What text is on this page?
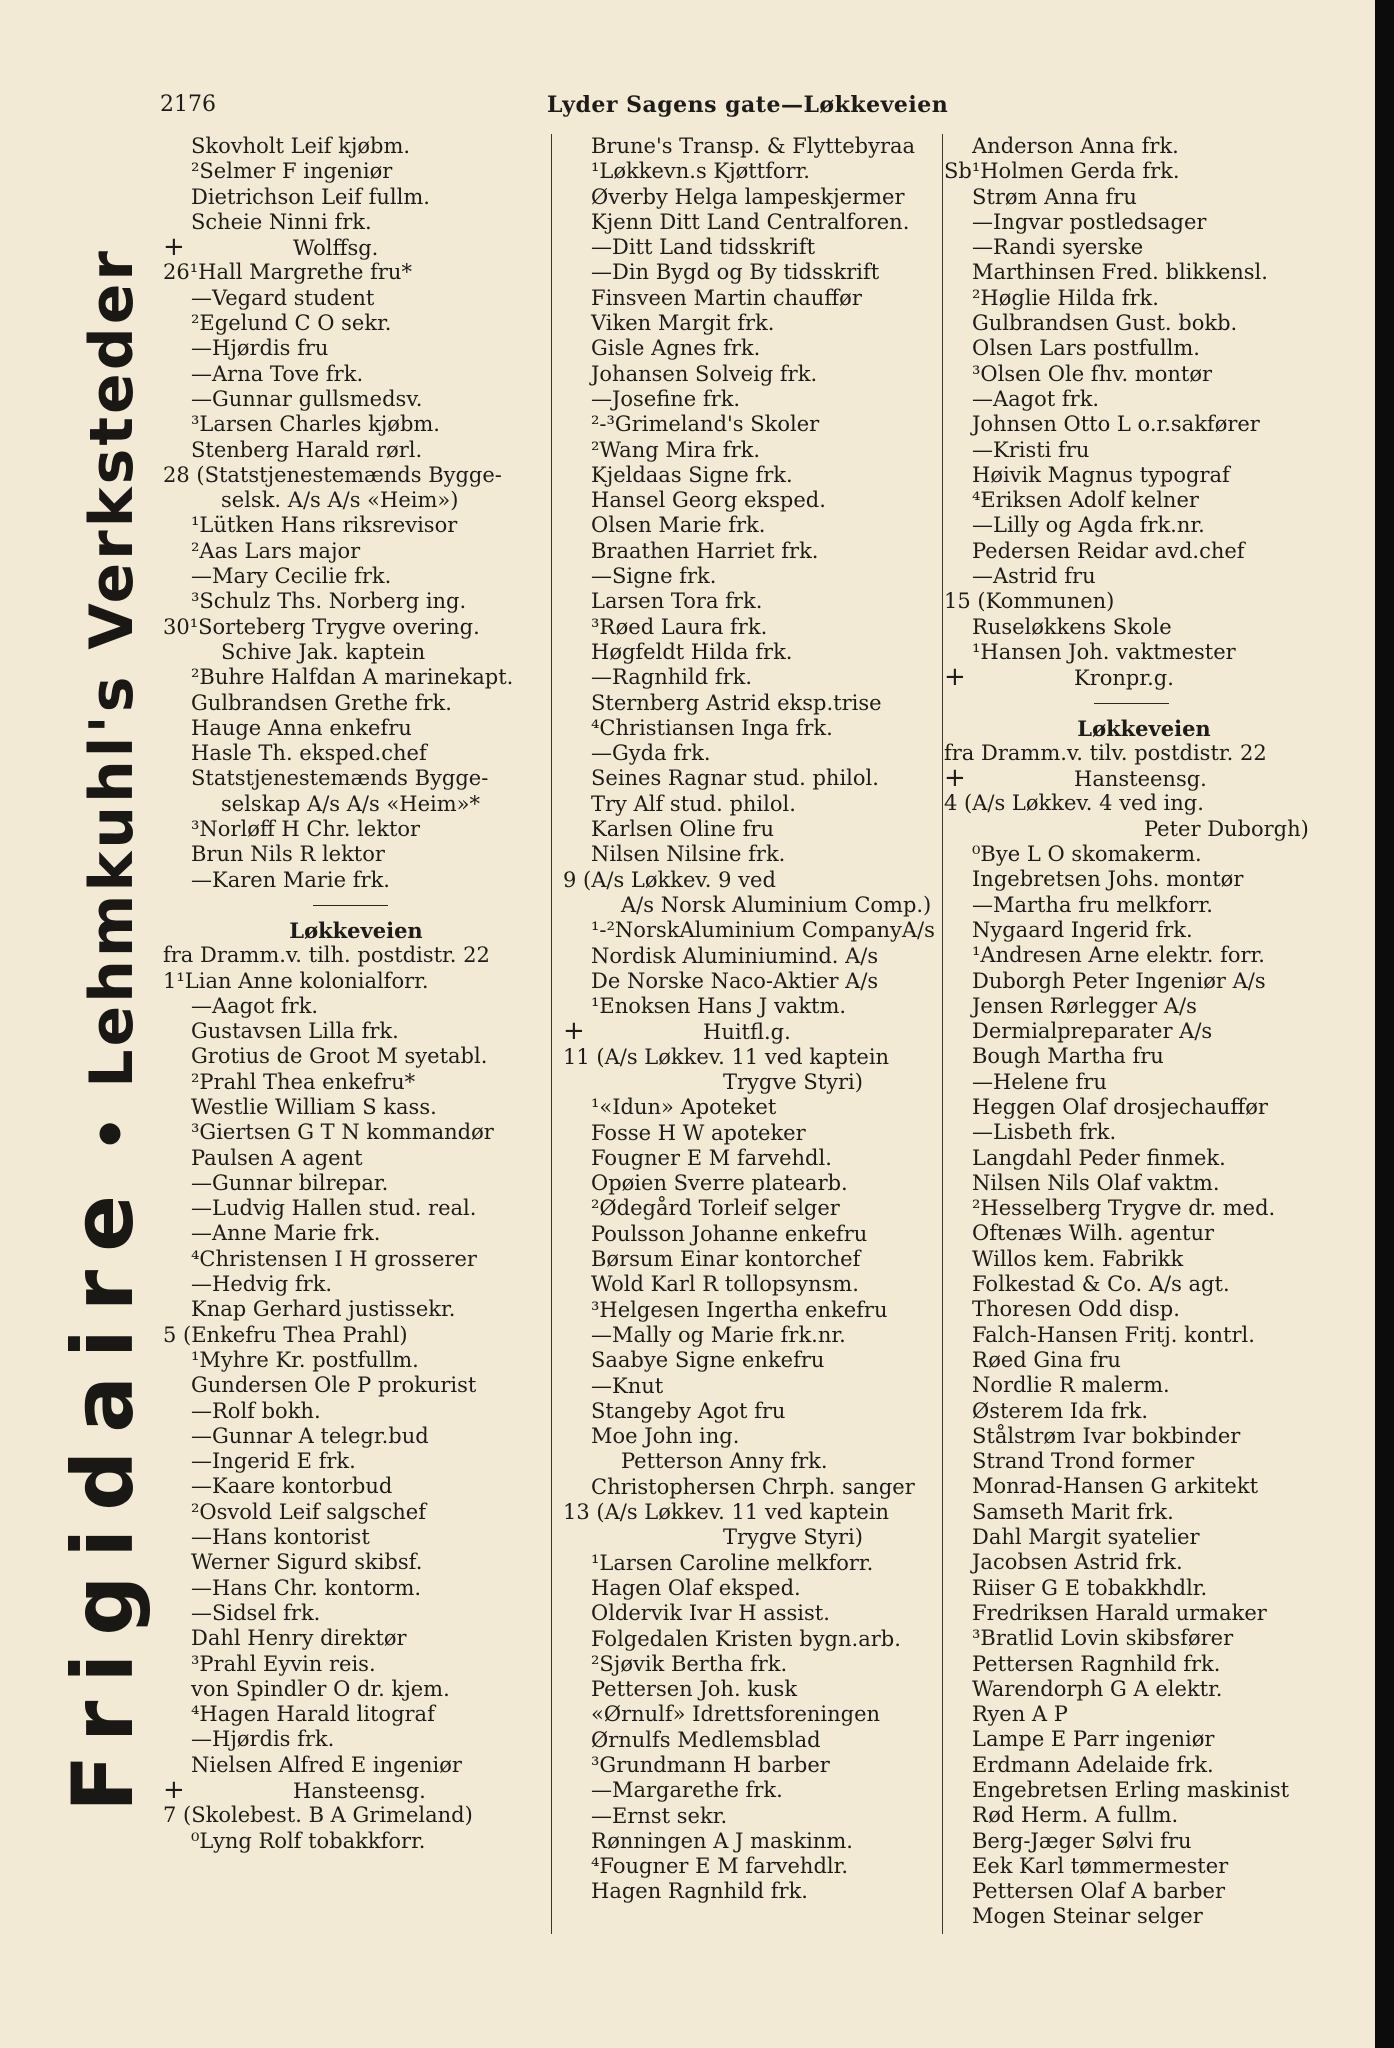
2176	Lyder Sagens gate—Løkkeveien
Frigidaire • Lehmkuhl's Verksteder
Skovholt Leif kjøbm.
²Selmer F ingeniør
Dietrichson Leif fullm.
Scheie Ninni frk.
+	Wolffsg.
26¹Hall Margrethe fru*
—Vegard student
²Egelund C O sekr.
—Hjørdis fru
—Arna Tove frk.
—Gunnar gullsmedsv.
³Larsen Charles kjøbm.
Stenberg Harald rørl.
28 (Statstjenestemænds Bygge-
selsk. A/s A/s «Heim»)
¹Lütken Hans riksrevisor
²Aas Lars major
—Mary Cecilie frk.
³Schulz Ths. Norberg ing.
30¹Sorteberg Trygve overing.
Schive Jak. kaptein
²Buhre Halfdan A marinekapt.
Gulbrandsen Grethe frk.
Hauge Anna enkefru
Hasle Th. eksped.chef
Statstjenestemænds Bygge-
selskap A/s A/s «Heim»*
³Norløff H Chr. lektor
Brun Nils R lektor
—Karen Marie frk.
Løkkeveien
fra Dramm.v. tilh. postdistr. 22
1¹Lian Anne kolonialforr.
—Aagot frk.
Gustavsen Lilla frk.
Grotius de Groot M syetabl.
²Prahl Thea enkefru*
Westlie William S kass.
³Giertsen G T N kommandør
Paulsen A agent
—Gunnar bilrepar.
—Ludvig Hallen stud. real.
—Anne Marie frk.
⁴Christensen I H grosserer
—Hedvig frk.
Knap Gerhard justissekr.
5 (Enkefru Thea Prahl)
¹Myhre Kr. postfullm.
Gundersen Ole P prokurist
—Rolf bokh.
—Gunnar A telegr.bud
—Ingerid E frk.
—Kaare kontorbud
²Osvold Leif salgschef
—Hans kontorist
Werner Sigurd skibsf.
—Hans Chr. kontorm.
—Sidsel frk.
Dahl Henry direktør
³Prahl Eyvin reis.
von Spindler O dr. kjem.
⁴Hagen Harald litograf
—Hjørdis frk.
Nielsen Alfred E ingeniør
+	Hansteensg.
7 (Skolebest. B A Grimeland)
⁰Lyng Rolf tobakkforr.
Brune's Transp. & Flyttebyraa
¹Løkkevn.s Kjøttforr.
Øverby Helga lampeskjermer
Kjenn Ditt Land Centralforen.
—Ditt Land tidsskrift
—Din Bygd og By tidsskrift
Finsveen Martin chauffør
Viken Margit frk.
Gisle Agnes frk.
Johansen Solveig frk.
—Josefine frk.
²-³Grimeland's Skoler
²Wang Mira frk.
Kjeldaas Signe frk.
Hansel Georg eksped.
Olsen Marie frk.
Braathen Harriet frk.
—Signe frk.
Larsen Tora frk.
³Røed Laura frk.
Høgfeldt Hilda frk.
—Ragnhild frk.
Sternberg Astrid eksp.trise
⁴Christiansen Inga frk.
—Gyda frk.
Seines Ragnar stud. philol.
Try Alf stud. philol.
Karlsen Oline fru
Nilsen Nilsine frk.
9 (A/s Løkkev. 9 ved
A/s Norsk Aluminium Comp.)
¹-²NorskAluminium CompanyA/s
Nordisk Aluminiumind. A/s
De Norske Naco-Aktier A/s
¹Enoksen Hans J vaktm.
+	Huitfl.g.
11 (A/s Løkkev. 11 ved kaptein
Trygve Styri)
¹«Idun» Apoteket
Fosse H W apoteker
Fougner E M farvehdl.
Opøien Sverre platearb.
²Ødegård Torleif selger
Poulsson Johanne enkefru
Børsum Einar kontorchef
Wold Karl R tollopsynsm.
³Helgesen Ingertha enkefru
—Mally og Marie frk.nr.
Saabye Signe enkefru
—Knut
Stangeby Agot fru
Moe John ing.
Petterson Anny frk.
Christophersen Chrph. sanger
13 (A/s Løkkev. 11 ved kaptein
Trygve Styri)
¹Larsen Caroline melkforr.
Hagen Olaf eksped.
Oldervik Ivar H assist.
Folgedalen Kristen bygn.arb.
²Sjøvik Bertha frk.
Pettersen Joh. kusk
«Ørnulf» Idrettsforeningen
Ørnulfs Medlemsblad
³Grundmann H barber
—Margarethe frk.
—Ernst sekr.
Rønningen A J maskinm.
⁴Fougner E M farvehdlr.
Hagen Ragnhild frk.
Anderson Anna frk.
Sb¹Holmen Gerda frk.
Strøm Anna fru
—Ingvar postledsager
—Randi syerske
Marthinsen Fred. blikkensl.
²Høglie Hilda frk.
Gulbrandsen Gust. bokb.
Olsen Lars postfullm.
³Olsen Ole fhv. montør
—Aagot frk.
Johnsen Otto L o.r.sakfører
—Kristi fru
Høivik Magnus typograf
⁴Eriksen Adolf kelner
—Lilly og Agda frk.nr.
Pedersen Reidar avd.chef
—Astrid fru
15 (Kommunen)
Ruseløkkens Skole
¹Hansen Joh. vaktmester
+	Kronpr.g.
Løkkeveien
fra Dramm.v. tilv. postdistr. 22
+	Hansteensg.
4 (A/s Løkkev. 4 ved ing.
Peter Duborgh)
⁰Bye L O skomakerm.
Ingebretsen Johs. montør
—Martha fru melkforr.
Nygaard Ingerid frk.
¹Andresen Arne elektr. forr.
Duborgh Peter Ingeniør A/s
Jensen Rørlegger A/s
Dermialpreparater A/s
Bough Martha fru
—Helene fru
Heggen Olaf drosjechauffør
—Lisbeth frk.
Langdahl Peder finmek.
Nilsen Nils Olaf vaktm.
²Hesselberg Trygve dr. med.
Oftenæs Wilh. agentur
Willos kem. Fabrikk
Folkestad & Co. A/s agt.
Thoresen Odd disp.
Falch-Hansen Fritj. kontrl.
Røed Gina fru
Nordlie R malerm.
Østerem Ida frk.
Stålstrøm Ivar bokbinder
Strand Trond former
Monrad-Hansen G arkitekt
Samseth Marit frk.
Dahl Margit syatelier
Jacobsen Astrid frk.
Riiser G E tobakkhdlr.
Fredriksen Harald urmaker
³Bratlid Lovin skibsfører
Pettersen Ragnhild frk.
Warendorph G A elektr.
Ryen A P
Lampe E Parr ingeniør
Erdmann Adelaide frk.
Engebretsen Erling maskinist
Rød Herm. A fullm.
Berg-Jæger Sølvi fru
Eek Karl tømmermester
Pettersen Olaf A barber
Mogen Steinar selger
